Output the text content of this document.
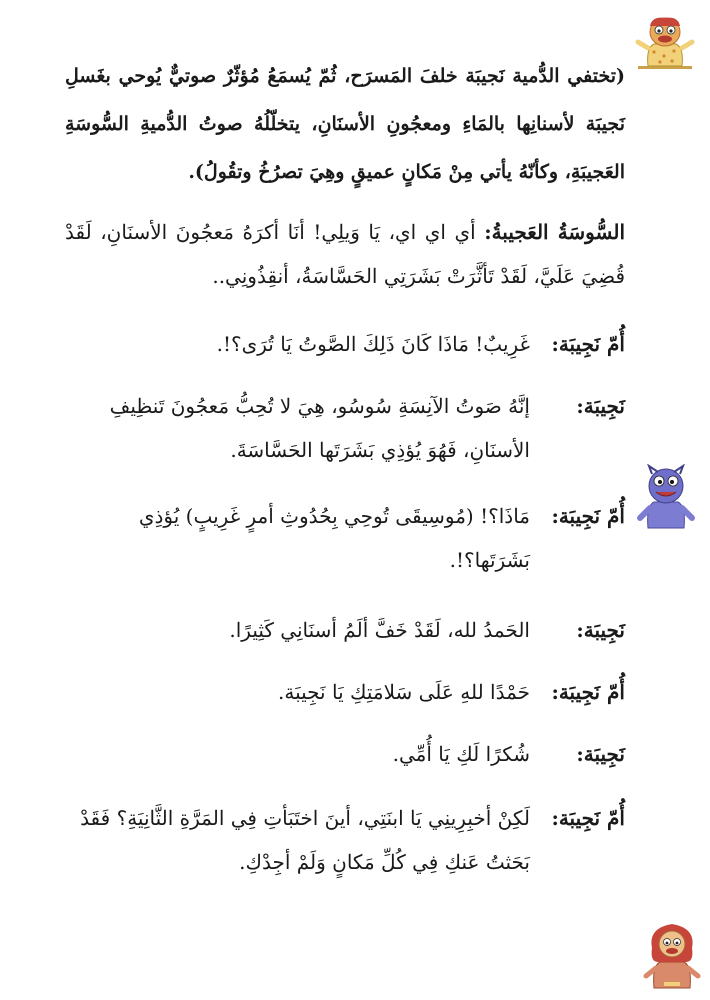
(تختفي الدُّمية نَجيبَة خلفَ المَسرَح، ثُمّ يُسمَعُ مُؤثّرٌ صوتيٌّ يُوحي بغَسلِ نَجيبَة لأسنانِها بالمَاءِ ومعجُونِ الأسنَانِ، يتخلّلُهُ صوتُ الدُّميةِ السُّوسَةِ العَجيبَةِ، وكأنّهُ يأتي مِنْ مَكانٍ عميقٍ وهِيَ تصرُخُ وتقُولُ).
السُّوسَةُ العَجيبةُ: أي اي اي، يَا وَيلِي! أنَا أكرَهُ مَعجُونَ الأسنَانِ، لَقَدْ قُضِيَ عَلَيَّ، لَقَدْ تَأثَّرَتْ بَشَرَتِي الحَسَّاسَةُ، أنقِذُونِي..
أُمّ نَجِيبَة:
غَرِيبٌ! مَاذَا كَانَ ذَلِكَ الصَّوتُ يَا تُرَى؟!.
نَجِيبَة:
إنَّهُ صَوتُ الآنِسَةِ سُوسُو، هِيَ لا تُحِبُّ مَعجُونَ تَنظِيفِ الأسنَانِ، فَهُوَ يُؤذِي بَشَرَتَها الحَسَّاسَةَ.
أُمّ نَجِيبَة:
مَاذَا؟! (مُوسِيقَى تُوحِي بِحُدُوثِ أمرٍ غَرِيبٍ) يُؤذِي بَشَرَتَها؟!.
نَجِيبَة:
الحَمدُ لله، لَقَدْ خَفَّ ألَمُ أسنَانِي كَثِيرًا.
أُمّ نَجِيبَة:
حَمْدًا للهِ عَلَى سَلامَتِكِ يَا نَجِيبَة.
نَجِيبَة:
شُكرًا لَكِ يَا أُمِّي.
أُمّ نَجِيبَة:
لَكِنْ أخبِرِينِي يَا ابنَتِي، أينَ اختَبَأتِ فِي المَرَّةِ الثَّانِيَةِ؟ فَقَدْ بَحَثتُ عَنكِ فِي كُلِّ مَكانٍ وَلَمْ أجِدْكِ.
